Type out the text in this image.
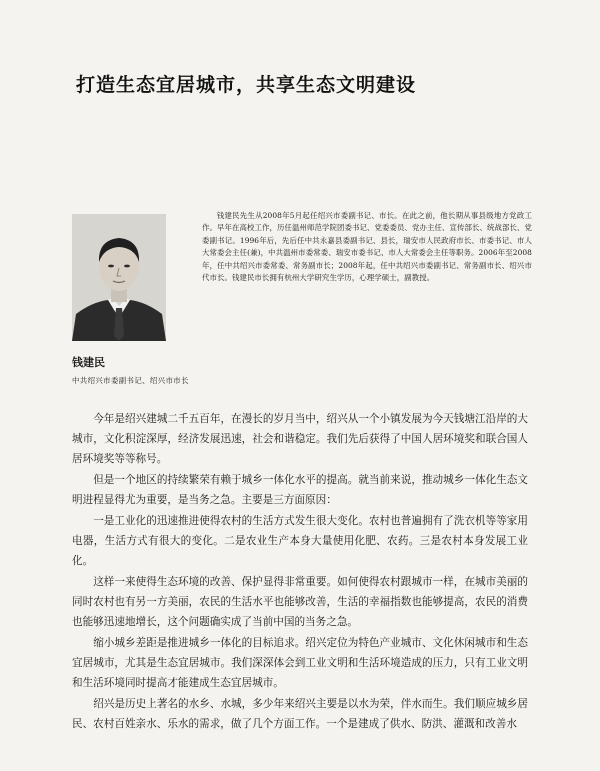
打造生态宜居城市，共享生态文明建设

钱建民先生从2008年5月起任绍兴市委副书记、市长。在此之前，他长期从事县级地方党政工作。早年在高校工作，历任温州师范学院团委书记、党委委员、党办主任、宣传部长、统战部长、党委副书记。1996年后，先后任中共永嘉县委副书记、县长，瑞安市人民政府市长、市委书记、市人大常委会主任(兼)，中共温州市委常委、瑞安市委书记、市人大常委会主任等职务。2006年至2008年，任中共绍兴市委常委、常务副市长；2008年起，任中共绍兴市委副书记、常务副市长、绍兴市代市长。钱建民市长拥有杭州大学研究生学历，心理学硕士，副教授。

钱建民
中共绍兴市委副书记、绍兴市市长

今年是绍兴建城二千五百年，在漫长的岁月当中，绍兴从一个小镇发展为今天钱塘江沿岸的大城市，文化积淀深厚，经济发展迅速，社会和谐稳定。我们先后获得了中国人居环境奖和联合国人居环境奖等等称号。

但是一个地区的持续繁荣有赖于城乡一体化水平的提高。就当前来说，推动城乡一体化生态文明进程显得尤为重要，是当务之急。主要是三方面原因：

一是工业化的迅速推进使得农村的生活方式发生很大变化。农村也普遍拥有了洗衣机等等家用电器，生活方式有很大的变化。二是农业生产本身大量使用化肥、农药。三是农村本身发展工业化。

这样一来使得生态环境的改善、保护显得非常重要。如何使得农村跟城市一样，在城市美丽的同时农村也有另一方美丽，农民的生活水平也能够改善，生活的幸福指数也能够提高，农民的消费也能够迅速地增长，这个问题确实成了当前中国的当务之急。

缩小城乡差距是推进城乡一体化的目标追求。绍兴定位为特色产业城市、文化休闲城市和生态宜居城市，尤其是生态宜居城市。我们深深体会到工业文明和生活环境造成的压力，只有工业文明和生活环境同时提高才能建成生态宜居城市。

绍兴是历史上著名的水乡、水城，多少年来绍兴主要是以水为荣，伴水而生。我们顺应城乡居民、农村百姓亲水、乐水的需求，做了几个方面工作。一个是建成了供水、防洪、灌溉和改善水
